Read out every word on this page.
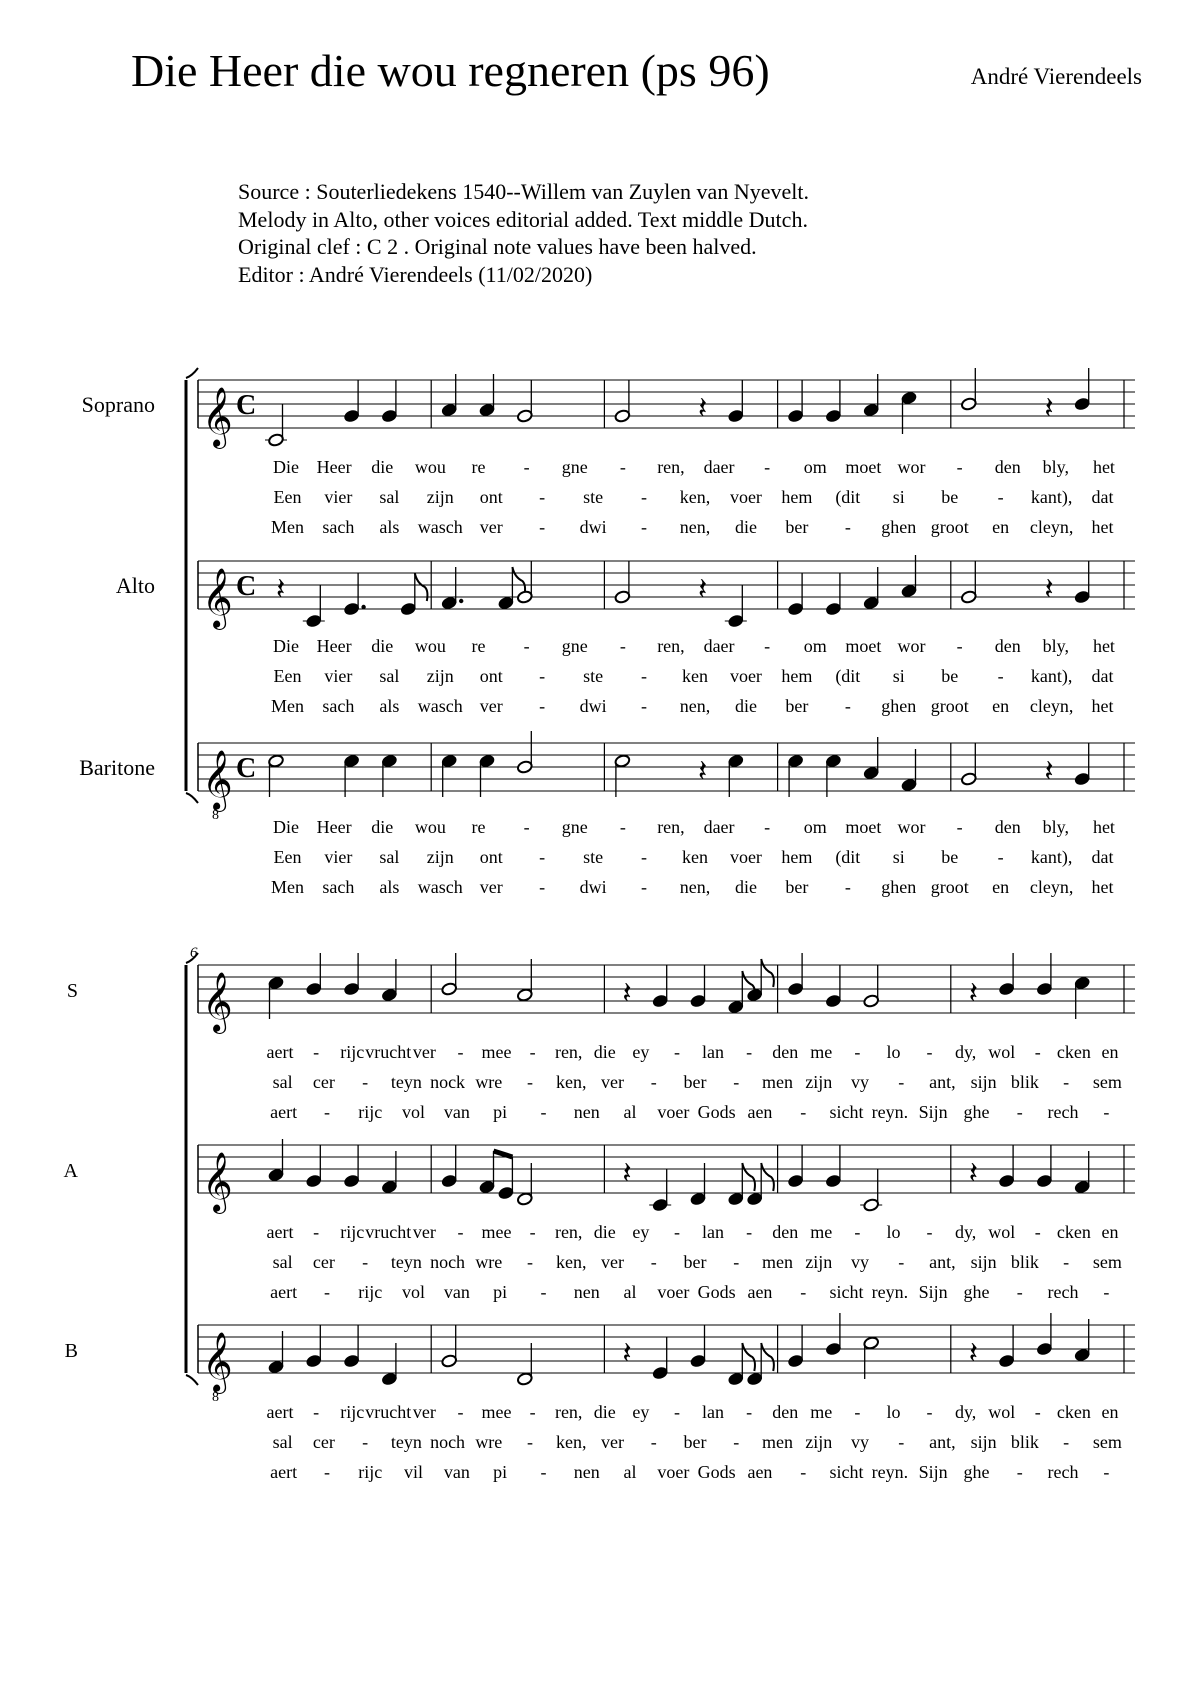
Die Heer die wou regneren (ps 96)	André Vierendeels
Source : Souterliedekens 1540--Willem van Zuylen van Nyevelt.
Melody in Alto, other voices editorial added. Text middle Dutch.
Original clef : C 2 . Original note values have been halved.
Editor : André Vierendeels (11/02/2020)
Soprano 𝄞 C	𝄽	𝄽
Die Heer die wou re - gne - ren, daer - om moet wor - den bly, het
Een vier sal zijn ont - ste - ken, voer hem (dit si be - kant), dat
Men sach als wasch ver - dwi - nen, die ber - ghen groot en cleyn, het
Alto 𝄞 C 𝄽	𝄽	𝄽
Die Heer die wou re - gne - ren, daer - om moet wor - den bly, het
Een vier sal zijn ont - ste - ken voer hem (dit si be - kant), dat
Men sach als wasch ver - dwi - nen, die ber - ghen groot en cleyn, het
Baritone 𝄞
8
C	𝄽	𝄽
Die Heer die wou re - gne - ren, daer - om moet wor - den bly, het
Een vier sal zijn ont - ste - ken voer hem (dit si be - kant), dat
Men sach als wasch ver - dwi - nen, die ber - ghen groot en cleyn, het
6
S 𝄞	𝄽	𝄽
aert - rijc vrucht ver - mee - ren, die ey - lan - den me - lo - dy, wol - cken en
sal cer - teyn nock wre - ken, ver - ber - men zijn vy - ant, sijn blik - sem
aert - rijc vol van pi - nen al voer Gods aen - sicht reyn. Sijn ghe - rech -
A 𝄞	𝄽	𝄽
aert - rijc vrucht ver - mee - ren, die ey - lan - den me - lo - dy, wol - cken en
sal cer - teyn noch wre - ken, ver - ber - men zijn vy - ant, sijn blik - sem
aert - rijc vol van pi - nen al voer Gods aen - sicht reyn. Sijn ghe - rech -
B 𝄞
8
𝄽	𝄽
aert - rijc vrucht ver - mee - ren, die ey - lan - den me - lo - dy, wol - cken en
sal cer - teyn noch wre - ken, ver - ber - men zijn vy - ant, sijn blik - sem
aert - rijc vil van pi - nen al voer Gods aen - sicht reyn. Sijn ghe - rech -
